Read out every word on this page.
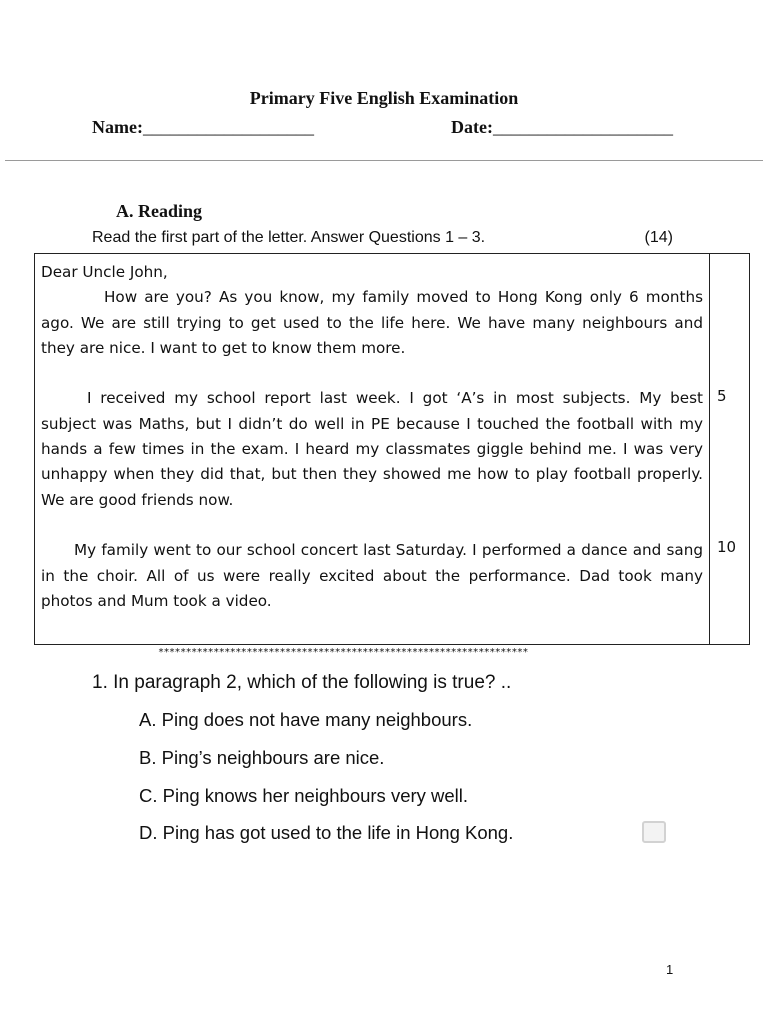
Primary Five English Examination
Name:___________________	Date:____________________
A. Reading
Read the first part of the letter. Answer Questions 1 – 3.	(14)

Dear Uncle John,

How are you? As you know, my family moved to Hong Kong only 6 months ago. We are still trying to get used to the life here. We have many neighbours and they are nice. I want to get to know them more.

I received my school report last week. I got ‘A’s in most subjects. My best subject was Maths, but I didn’t do well in PE because I touched the football with my hands a few times in the exam. I heard my classmates giggle behind me. I was very unhappy when they did that, but then they showed me how to play football properly. We are good friends now.

My family went to our school concert last Saturday. I performed a dance and sang in the choir. All of us were really excited about the performance. Dad took many photos and Mum took a video.

5
10
*******************************************************************
1. In paragraph 2, which of the following is true? ..
A. Ping does not have many neighbours.
B. Ping’s neighbours are nice.
C. Ping knows her neighbours very well.
D. Ping has got used to the life in Hong Kong.
1
